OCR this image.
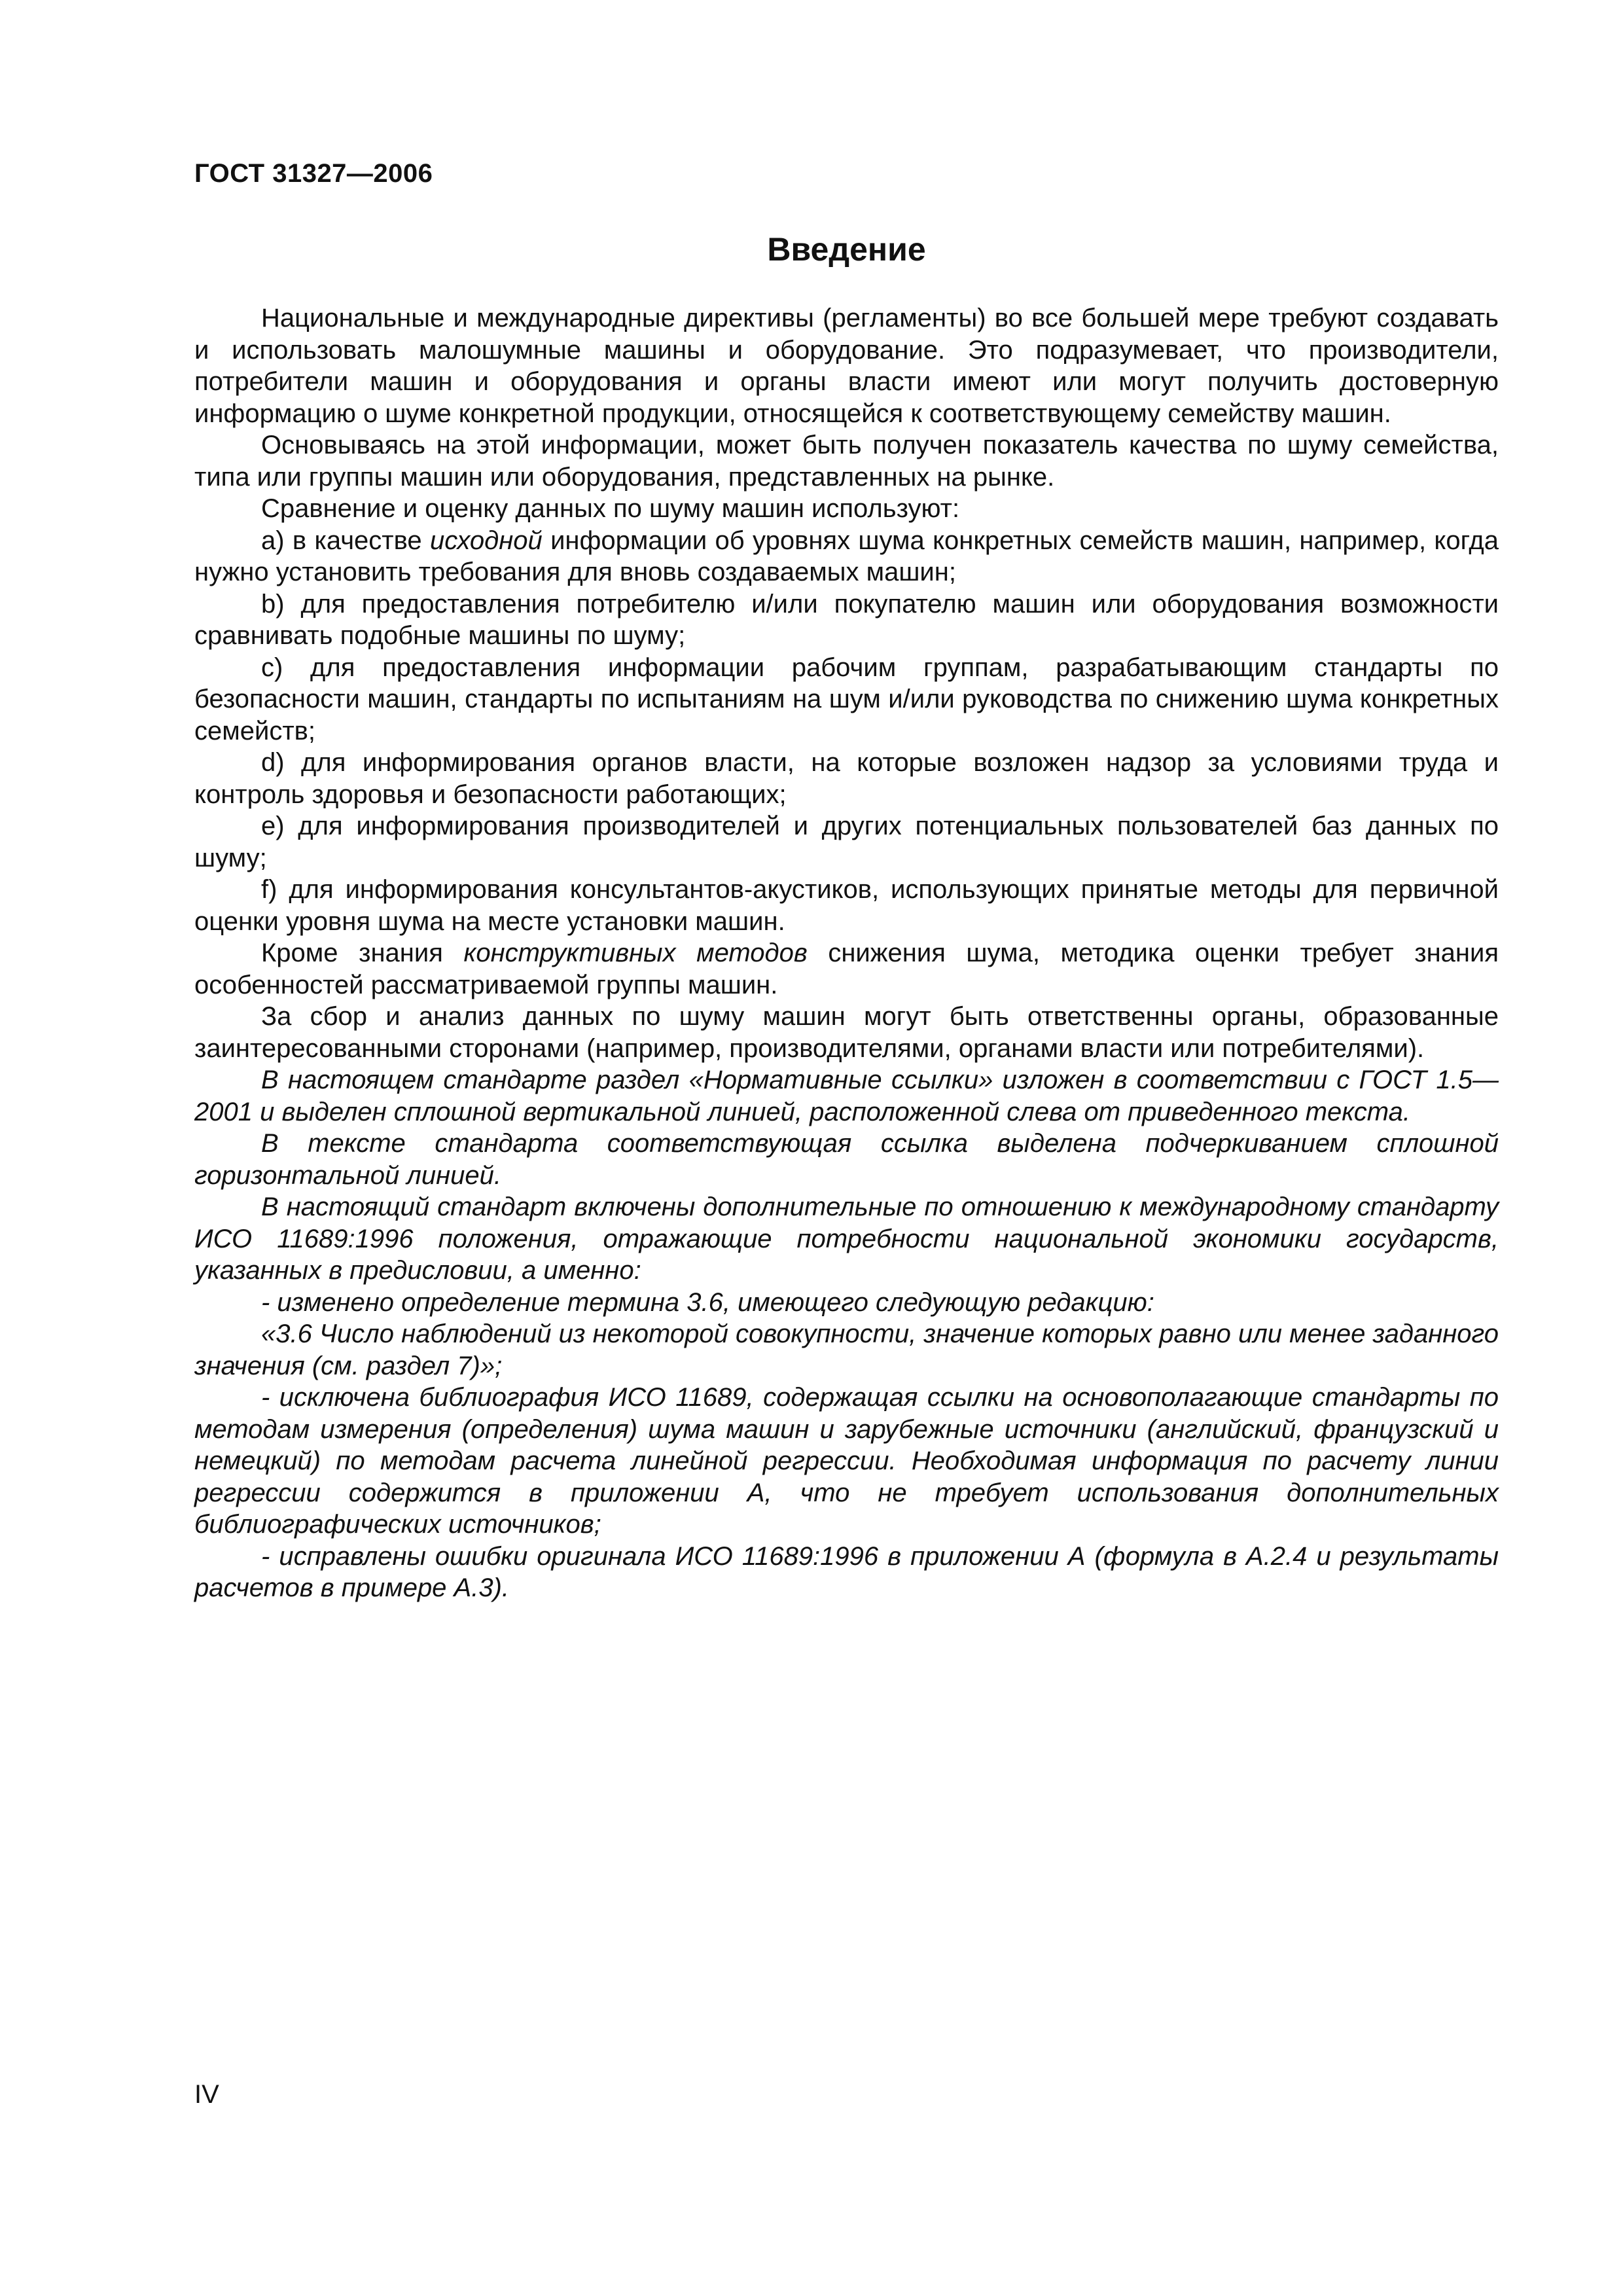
ГОСТ 31327—2006
Введение

Национальные и международные директивы (регламенты) во все большей мере требуют создавать и использовать малошумные машины и оборудование. Это подразумевает, что производители, потребители машин и оборудования и органы власти имеют или могут получить достоверную информацию о шуме конкретной продукции, относящейся к соответствующему семейству машин.

Основываясь на этой информации, может быть получен показатель качества по шуму семейства, типа или группы машин или оборудования, представленных на рынке.

Сравнение и оценку данных по шуму машин используют:

а) в качестве исходной информации об уровнях шума конкретных семейств машин, например, когда нужно установить требования для вновь создаваемых машин;

b) для предоставления потребителю и/или покупателю машин или оборудования возможности сравнивать подобные машины по шуму;

с) для предоставления информации рабочим группам, разрабатывающим стандарты по безопасности машин, стандарты по испытаниям на шум и/или руководства по снижению шума конкретных семейств;

d) для информирования органов власти, на которые возложен надзор за условиями труда и контроль здоровья и безопасности работающих;

е) для информирования производителей и других потенциальных пользователей баз данных по шуму;

f) для информирования консультантов-акустиков, использующих принятые методы для первичной оценки уровня шума на месте установки машин.

Кроме знания конструктивных методов снижения шума, методика оценки требует знания особенностей рассматриваемой группы машин.

За сбор и анализ данных по шуму машин могут быть ответственны органы, образованные заинтересованными сторонами (например, производителями, органами власти или потребителями).

В настоящем стандарте раздел «Нормативные ссылки» изложен в соответствии с ГОСТ 1.5—2001 и выделен сплошной вертикальной линией, расположенной слева от приведенного текста.

В тексте стандарта соответствующая ссылка выделена подчеркиванием сплошной горизонтальной линией.

В настоящий стандарт включены дополнительные по отношению к международному стандарту ИСО 11689:1996 положения, отражающие потребности национальной экономики государств, указанных в предисловии, а именно:

- изменено определение термина 3.6, имеющего следующую редакцию:

«3.6 Число наблюдений из некоторой совокупности, значение которых равно или менее заданного значения (см. раздел 7)»;

- исключена библиография ИСО 11689, содержащая ссылки на основополагающие стандарты по методам измерения (определения) шума машин и зарубежные источники (английский, французский и немецкий) по методам расчета линейной регрессии. Необходимая информация по расчету линии регрессии содержится в приложении А, что не требует использования дополнительных библиографических источников;

- исправлены ошибки оригинала ИСО 11689:1996 в приложении А (формула в А.2.4 и результаты расчетов в примере А.3).

IV
